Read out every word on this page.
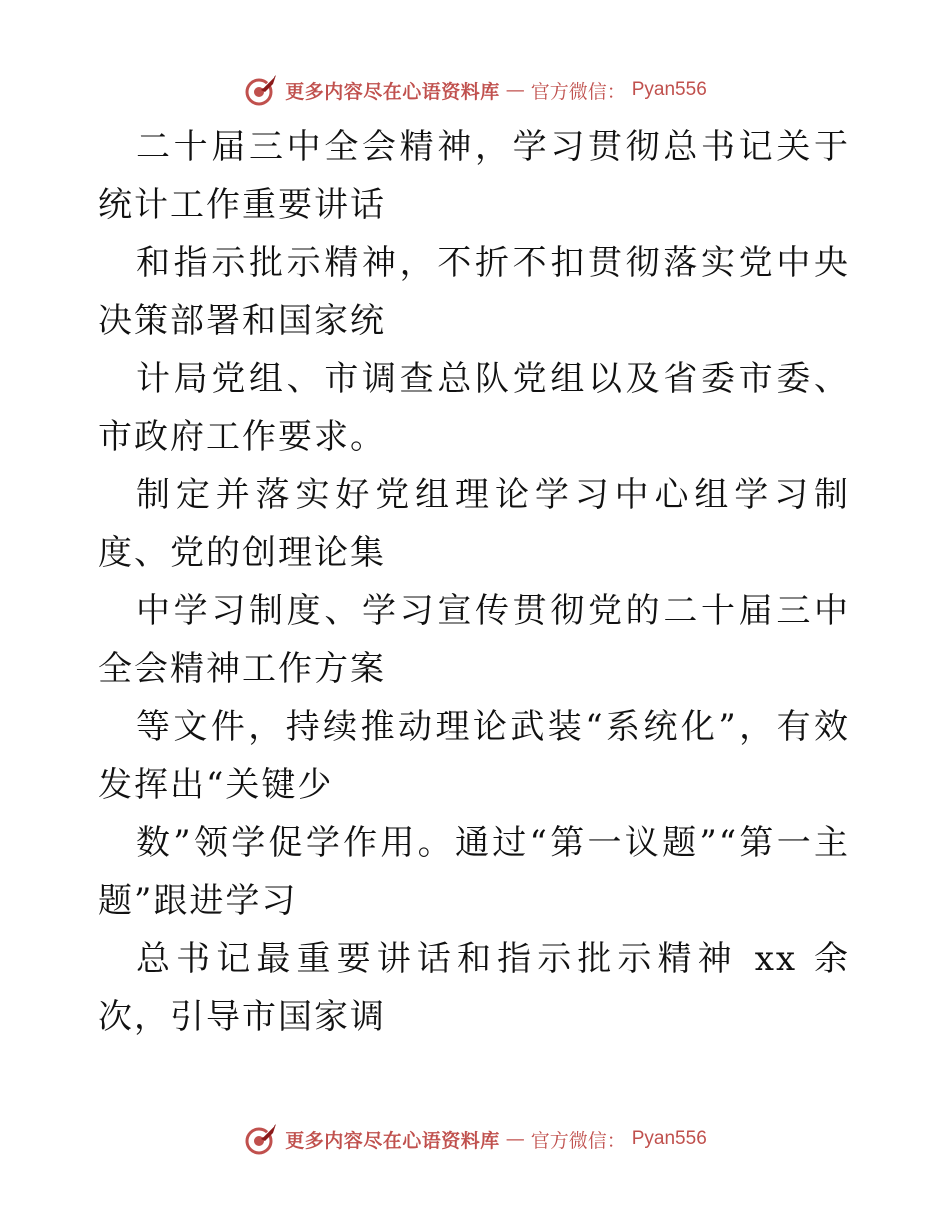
更多内容尽在心语资料库 — 官方微信： Pyan556

二十届三中全会精神，学习贯彻总书记关于统计工作重要讲话

和指示批示精神，不折不扣贯彻落实党中央决策部署和国家统

计局党组、市调查总队党组以及省委市委、市政府工作要求。

制定并落实好党组理论学习中心组学习制度、党的创理论集

中学习制度、学习宣传贯彻党的二十届三中全会精神工作方案

等文件，持续推动理论武装“系统化”，有效发挥出“关键少

数”领学促学作用。通过“第一议题”“第一主题”跟进学习

总书记最重要讲话和指示批示精神 xx 余次，引导市国家调

更多内容尽在心语资料库 — 官方微信： Pyan556
